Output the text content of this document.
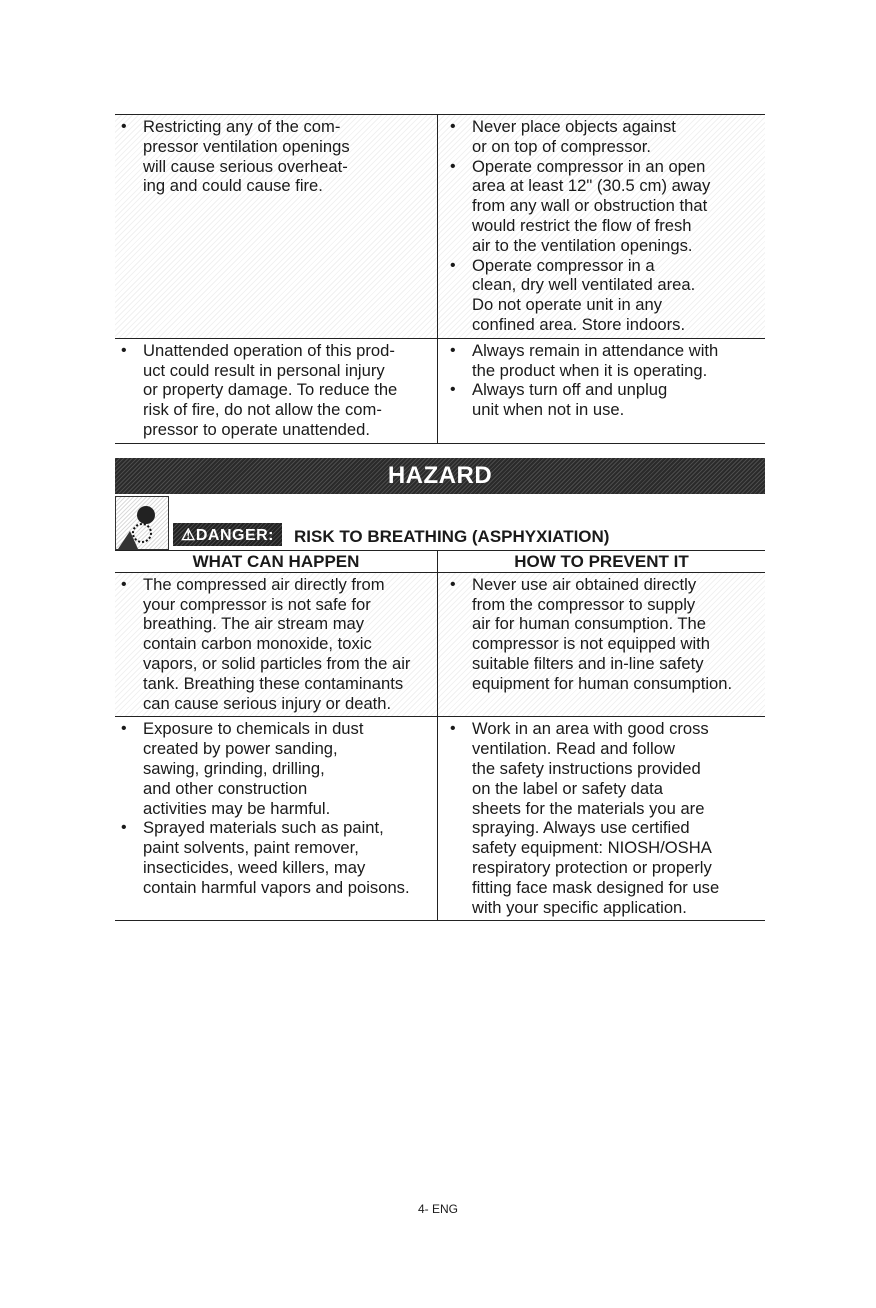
• Restricting any of the com-
pressor ventilation openings
will cause serious overheat-
ing and could cause fire.
• Never place objects against
or on top of compressor.
• Operate compressor in an open
area at least 12" (30.5 cm) away
from any wall or obstruction that
would restrict the flow of fresh
air to the ventilation openings.
• Operate compressor in a
clean, dry well ventilated area.
Do not operate unit in any
confined area. Store indoors.
• Unattended operation of this prod-
uct could result in personal injury
or property damage. To reduce the
risk of fire, do not allow the com-
pressor to operate unattended.
• Always remain in attendance with
the product when it is operating.
• Always turn off and unplug
unit when not in use.
HAZARD
⚠DANGER:	RISK TO BREATHING (ASPHYXIATION)
WHAT CAN HAPPEN	HOW TO PREVENT IT
• The compressed air directly from
your compressor is not safe for
breathing. The air stream may
contain carbon monoxide, toxic
vapors, or solid particles from the air
tank. Breathing these contaminants
can cause serious injury or death.
• Never use air obtained directly
from the compressor to supply
air for human consumption. The
compressor is not equipped with
suitable filters and in-line safety
equipment for human consumption.
• Exposure to chemicals in dust
created by power sanding,
sawing, grinding, drilling,
and other construction
activities may be harmful.
• Sprayed materials such as paint,
paint solvents, paint remover,
insecticides, weed killers, may
contain harmful vapors and poisons.
• Work in an area with good cross
ventilation. Read and follow
the safety instructions provided
on the label or safety data
sheets for the materials you are
spraying. Always use certified
safety equipment: NIOSH/OSHA
respiratory protection or properly
fitting face mask designed for use
with your specific application.
4- ENG
